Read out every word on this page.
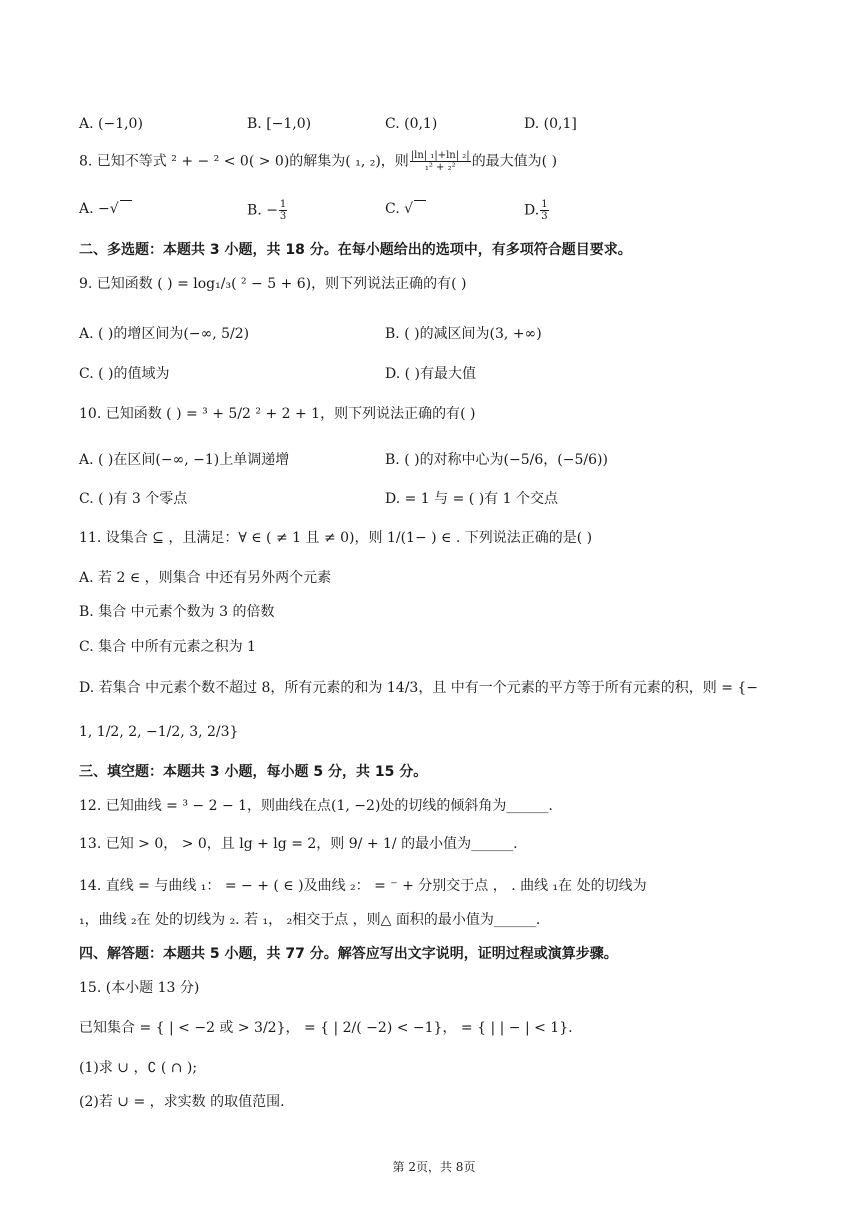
A. (−1,0)	B. [−1,0)	C. (0,1)	D. (0,1]
8. 已知不等式 ² + − ² < 0( > 0)的解集为( ₁, ₂)，则 $\frac{\text{|ln| ₁|+ln| ₂|}}{\text{₁² + ₂²}}$ 的最大值为( )
A. −√	B. − $\frac{1}{3}$	C. √	D. $\frac{1}{3}$
二、多选题：本题共 3 小题，共 18 分。在每小题给出的选项中，有多项符合题目要求。
9. 已知函数 ( ) = log₁/₃( ² − 5 + 6)，则下列说法正确的有( )
A. ( )的增区间为(−∞, 5/2)	B. ( )的减区间为(3, +∞)
C. ( )的值域为	D. ( )有最大值
10. 已知函数 ( ) = ³ + 5/2 ² + 2 + 1，则下列说法正确的有( )
A. ( )在区间(−∞, −1)上单调递增	B. ( )的对称中心为(−5/6，(−5/6))
C. ( )有 3 个零点	D. = 1 与 = ( )有 1 个交点
11. 设集合 ⊆ ，且满足：∀ ∈ ( ≠ 1 且 ≠ 0)，则 1/(1− ) ∈ . 下列说法正确的是( )
A. 若 2 ∈ ，则集合 中还有另外两个元素
B. 集合 中元素个数为 3 的倍数
C. 集合 中所有元素之积为 1
D. 若集合 中元素个数不超过 8，所有元素的和为 14/3，且 中有一个元素的平方等于所有元素的积，则 = {−
1, 1/2, 2, −1/2, 3, 2/3}
三、填空题：本题共 3 小题，每小题 5 分，共 15 分。
12. 已知曲线 = ³ − 2 − 1，则曲线在点(1, −2)处的切线的倾斜角为______.
13. 已知 > 0， > 0，且 lg + lg = 2，则 9/ + 1/ 的最小值为______.
14. 直线 = 与曲线 ₁： = − + ( ∈ )及曲线 ₂： = ⁻ + 分别交于点 ， . 曲线 ₁在 处的切线为
₁，曲线 ₂在 处的切线为 ₂. 若 ₁， ₂相交于点 ，则△ 面积的最小值为______.
四、解答题：本题共 5 小题，共 77 分。解答应写出文字说明，证明过程或演算步骤。
15. (本小题 13 分)
已知集合 = { | < −2 或 > 3/2}， = { | 2/( −2) < −1}， = { | | − | < 1}.
(1)求 ∪ ，∁ ( ∩ );
(2)若 ∪ = ，求实数 的取值范围.
第 2页，共 8页
